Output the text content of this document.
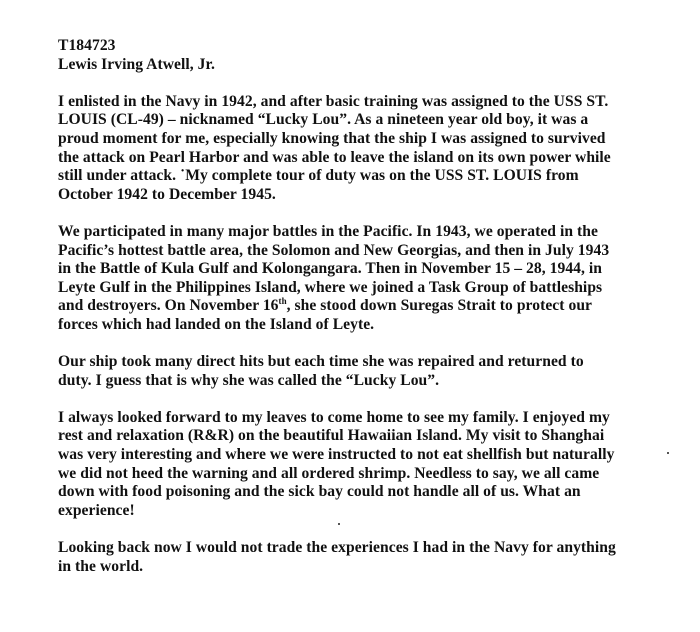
T184723
Lewis Irving Atwell, Jr.
I enlisted in the Navy in 1942, and after basic training was assigned to the USS ST.
LOUIS (CL-49) – nicknamed “Lucky Lou”. As a nineteen year old boy, it was a
proud moment for me, especially knowing that the ship I was assigned to survived
the attack on Pearl Harbor and was able to leave the island on its own power while
still under attack. ˙My complete tour of duty was on the USS ST. LOUIS from
October 1942 to December 1945.
We participated in many major battles in the Pacific. In 1943, we operated in the
Pacific’s hottest battle area, the Solomon and New Georgias, and then in July 1943
in the Battle of Kula Gulf and Kolongangara. Then in November 15 – 28, 1944, in
Leyte Gulf in the Philippines Island, where we joined a Task Group of battleships
and destroyers. On November 16th, she stood down Suregas Strait to protect our
forces which had landed on the Island of Leyte.
Our ship took many direct hits but each time she was repaired and returned to
duty. I guess that is why she was called the “Lucky Lou”.
I always looked forward to my leaves to come home to see my family. I enjoyed my
rest and relaxation (R&R) on the beautiful Hawaiian Island. My visit to Shanghai
was very interesting and where we were instructed to not eat shellfish but naturally
we did not heed the warning and all ordered shrimp. Needless to say, we all came
down with food poisoning and the sick bay could not handle all of us. What an
experience!
Looking back now I would not trade the experiences I had in the Navy for anything
in the world.
